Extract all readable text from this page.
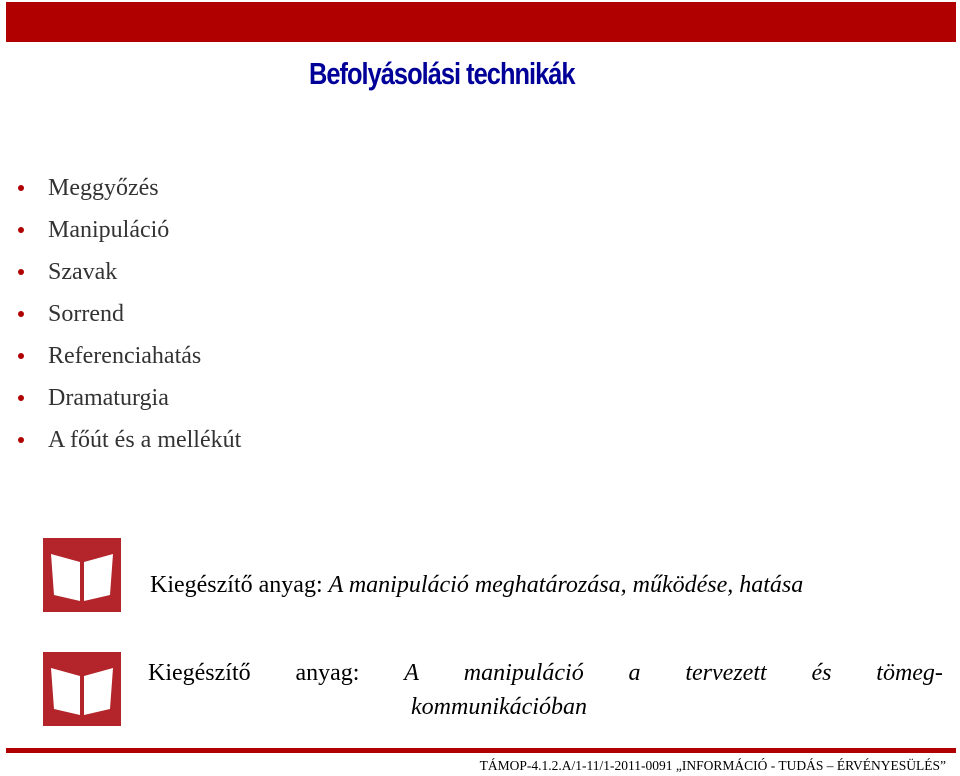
Befolyásolási technikák
Meggyőzés
Manipuláció
Szavak
Sorrend
Referenciahatás
Dramaturgia
A főút és a mellékút
Kiegészítő anyag: A manipuláció meghatározása, működése, hatása
Kiegészítő anyag: A manipuláció a tervezett és tömeg-
kommunikációban
TÁMOP-4.1.2.A/1-11/1-2011-0091 „INFORMÁCIÓ - TUDÁS – ÉRVÉNYESÜLÉS”
